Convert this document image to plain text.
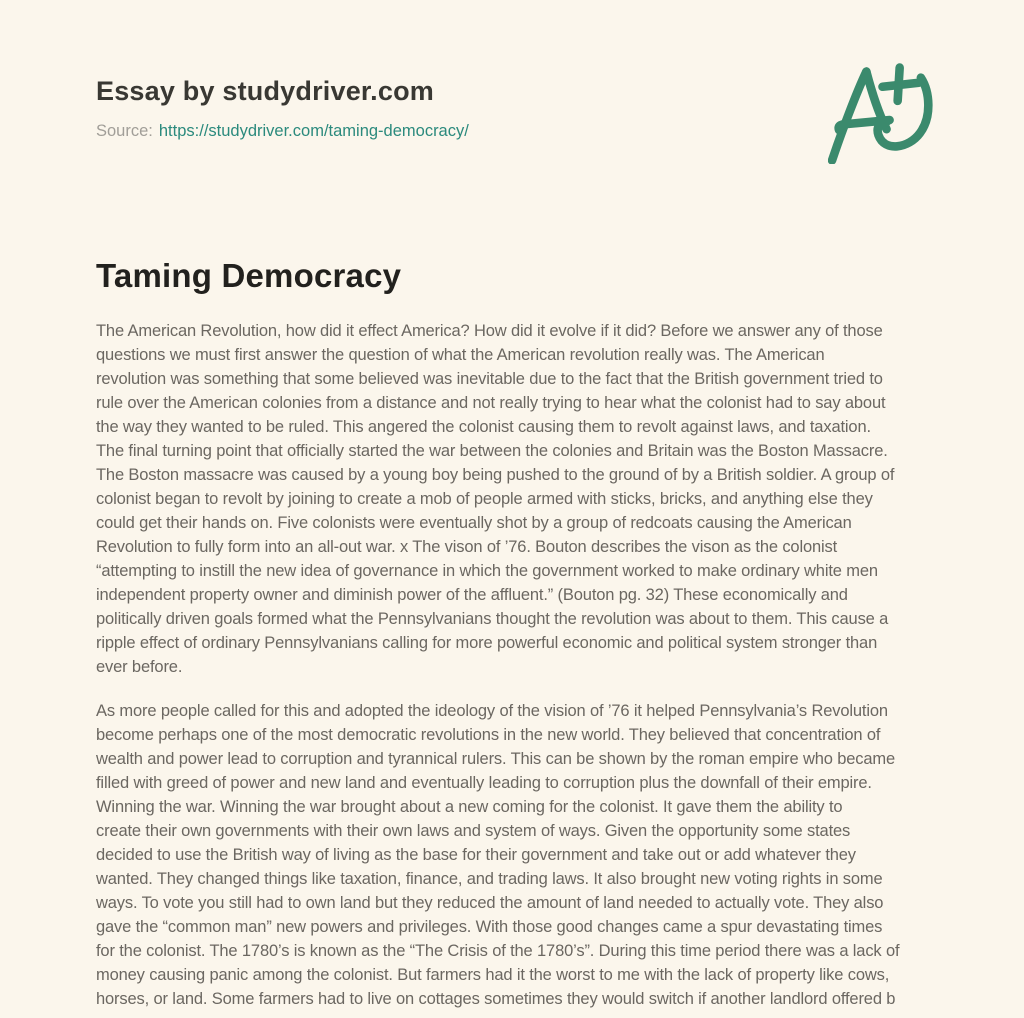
Essay by studydriver.com
Source: https://studydriver.com/taming-democracy/
Taming Democracy

The American Revolution, how did it effect America? How did it evolve if it did? Before we answer any of those
questions we must first answer the question of what the American revolution really was. The American
revolution was something that some believed was inevitable due to the fact that the British government tried to
rule over the American colonies from a distance and not really trying to hear what the colonist had to say about
the way they wanted to be ruled. This angered the colonist causing them to revolt against laws, and taxation.
The final turning point that officially started the war between the colonies and Britain was the Boston Massacre.
The Boston massacre was caused by a young boy being pushed to the ground of by a British soldier. A group of
colonist began to revolt by joining to create a mob of people armed with sticks, bricks, and anything else they
could get their hands on. Five colonists were eventually shot by a group of redcoats causing the American
Revolution to fully form into an all-out war. x The vison of ’76. Bouton describes the vison as the colonist
“attempting to instill the new idea of governance in which the government worked to make ordinary white men
independent property owner and diminish power of the affluent.” (Bouton pg. 32) These economically and
politically driven goals formed what the Pennsylvanians thought the revolution was about to them. This cause a
ripple effect of ordinary Pennsylvanians calling for more powerful economic and political system stronger than
ever before.

As more people called for this and adopted the ideology of the vision of ’76 it helped Pennsylvania’s Revolution
become perhaps one of the most democratic revolutions in the new world. They believed that concentration of
wealth and power lead to corruption and tyrannical rulers. This can be shown by the roman empire who became
filled with greed of power and new land and eventually leading to corruption plus the downfall of their empire.
Winning the war. Winning the war brought about a new coming for the colonist. It gave them the ability to
create their own governments with their own laws and system of ways. Given the opportunity some states
decided to use the British way of living as the base for their government and take out or add whatever they
wanted. They changed things like taxation, finance, and trading laws. It also brought new voting rights in some
ways. To vote you still had to own land but they reduced the amount of land needed to actually vote. They also
gave the “common man” new powers and privileges. With those good changes came a spur devastating times
for the colonist. The 1780’s is known as the “The Crisis of the 1780’s”. During this time period there was a lack of
money causing panic among the colonist. But farmers had it the worst to me with the lack of property like cows,
horses, or land. Some farmers had to live on cottages sometimes they would switch if another landlord offered b
